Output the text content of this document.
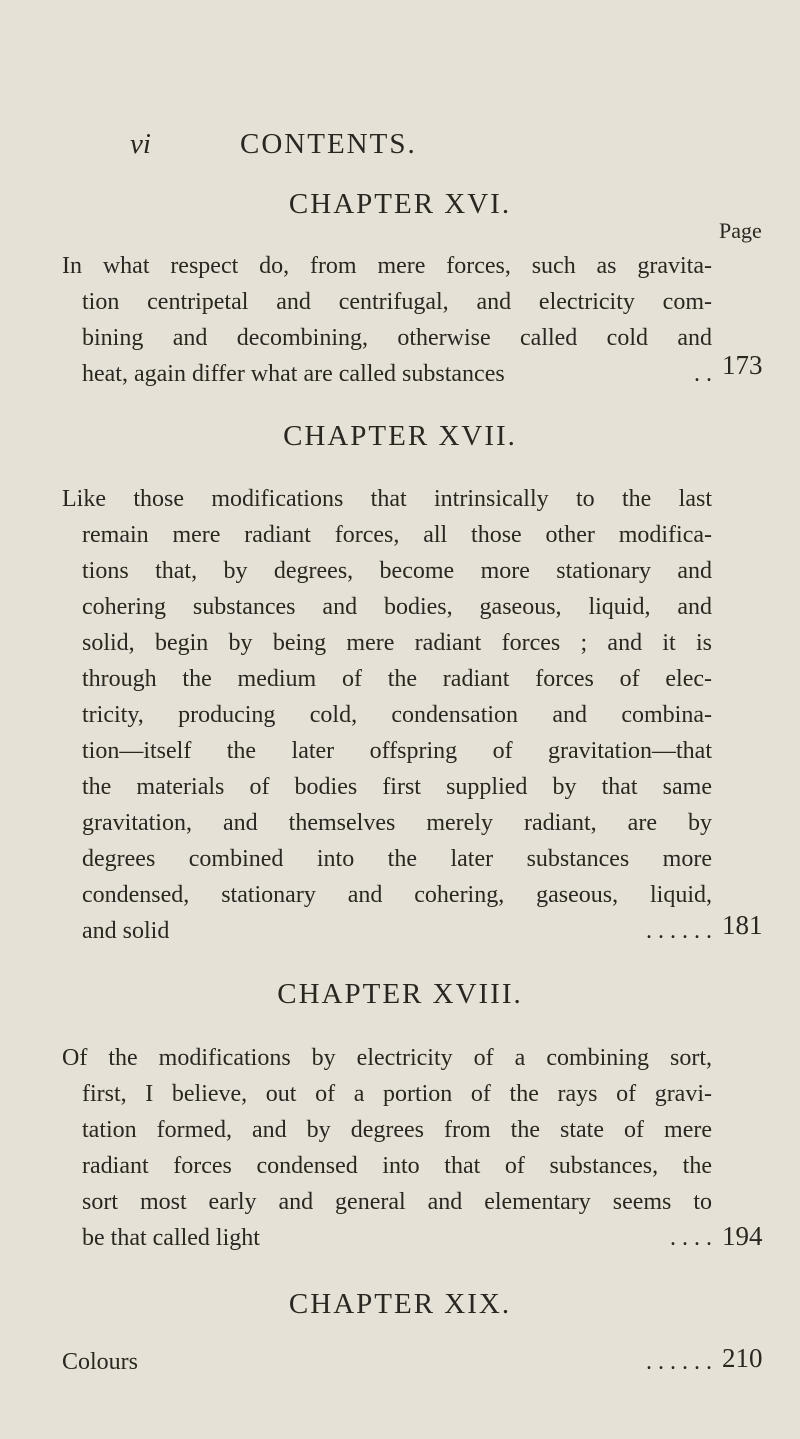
vi	CONTENTS.
Page
CHAPTER XVI.
In what respect do, from mere forces, such as gravita-
tion centripetal and centrifugal, and electricity com-
bining and decombining, otherwise called cold and
heat, again differ what are called substances	. . 173
CHAPTER XVII.
Like those modifications that intrinsically to the last
remain mere radiant forces, all those other modifica-
tions that, by degrees, become more stationary and
cohering substances and bodies, gaseous, liquid, and
solid, begin by being mere radiant forces ; and it is
through the medium of the radiant forces of elec-
tricity, producing cold, condensation and combina-
tion—itself the later offspring of gravitation—that
the materials of bodies first supplied by that same
gravitation, and themselves merely radiant, are by
degrees combined into the later substances more
condensed, stationary and cohering, gaseous, liquid,
and solid	. . . . . . 181
CHAPTER XVIII.
Of the modifications by electricity of a combining sort,
first, I believe, out of a portion of the rays of gravi-
tation formed, and by degrees from the state of mere
radiant forces condensed into that of substances, the
sort most early and general and elementary seems to
be that called light	. . . . 194
CHAPTER XIX.
Colours	. . . . . . 210
